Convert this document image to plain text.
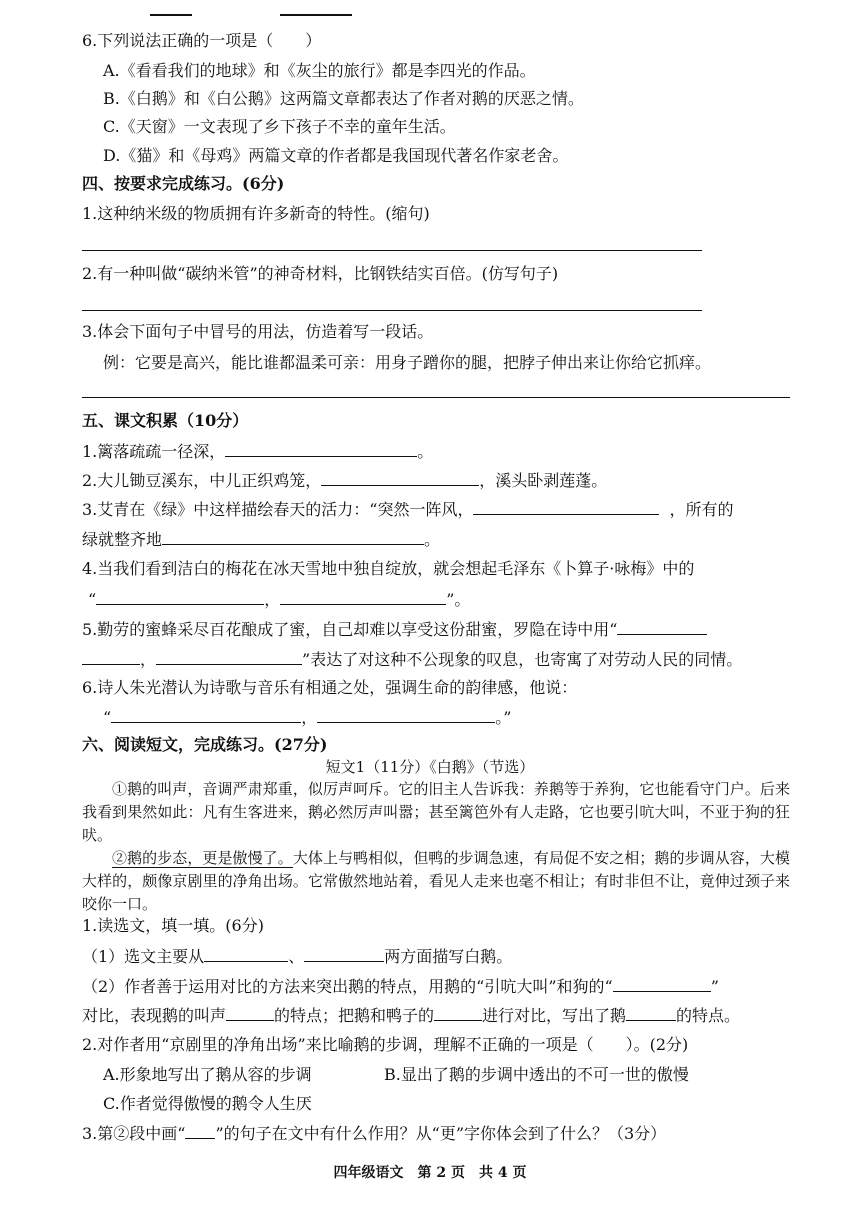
6.下列说法正确的一项是（　　）
A.《看看我们的地球》和《灰尘的旅行》都是李四光的作品。
B.《白鹅》和《白公鹅》这两篇文章都表达了作者对鹅的厌恶之情。
C.《天窗》一文表现了乡下孩子不幸的童年生活。
D.《猫》和《母鸡》两篇文章的作者都是我国现代著名作家老舍。
四、按要求完成练习。(6分)
1.这种纳米级的物质拥有许多新奇的特性。(缩句)
2.有一种叫做“碳纳米管”的神奇材料，比钢铁结实百倍。(仿写句子)
3.体会下面句子中冒号的用法，仿造着写一段话。
例：它要是高兴，能比谁都温柔可亲：用身子蹭你的腿，把脖子伸出来让你给它抓痒。
五、课文积累（10分）
1.篱落疏疏一径深，	。
2.大儿锄豆溪东，中儿正织鸡笼，	，溪头卧剥莲蓬。
3.艾青在《绿》中这样描绘春天的活力：“突然一阵风，	，所有的
绿就整齐地	。
4.当我们看到洁白的梅花在冰天雪地中独自绽放，就会想起毛泽东《卜算子·咏梅》中的
“	，	”。
5.勤劳的蜜蜂采尽百花酿成了蜜，自己却难以享受这份甜蜜，罗隐在诗中用“
，	”表达了对这种不公现象的叹息，也寄寓了对劳动人民的同情。
6.诗人朱光潜认为诗歌与音乐有相通之处，强调生命的韵律感，他说：
“	，	。”
六、阅读短文，完成练习。(27分)
短文1（11分）《白鹅》（节选）

①鹅的叫声，音调严肃郑重，似厉声呵斥。它的旧主人告诉我：养鹅等于养狗，它也能看守门户。后来我看到果然如此：凡有生客进来，鹅必然厉声叫嚣；甚至篱笆外有人走路，它也要引吭大叫，不亚于狗的狂吠。

②鹅的步态，更是傲慢了。大体上与鸭相似，但鸭的步调急速，有局促不安之相；鹅的步调从容，大模大样的，颇像京剧里的净角出场。它常傲然地站着，看见人走来也毫不相让；有时非但不让，竟伸过颈子来咬你一口。

1.读选文，填一填。(6分)
（1）选文主要从	、	两方面描写白鹅。
（2）作者善于运用对比的方法来突出鹅的特点，用鹅的“引吭大叫”和狗的“	”
对比，表现鹅的叫声	的特点；把鹅和鸭子的	进行对比，写出了鹅	的特点。
2.对作者用“京剧里的净角出场”来比喻鹅的步调，理解不正确的一项是（　　）。(2分)
A.形象地写出了鹅从容的步调	B.显出了鹅的步调中透出的不可一世的傲慢
C.作者觉得傲慢的鹅令人生厌
3.第②段中画“ ”的句子在文中有什么作用？从“更”字你体会到了什么？（3分）
四年级语文　第 2 页　共 4 页
